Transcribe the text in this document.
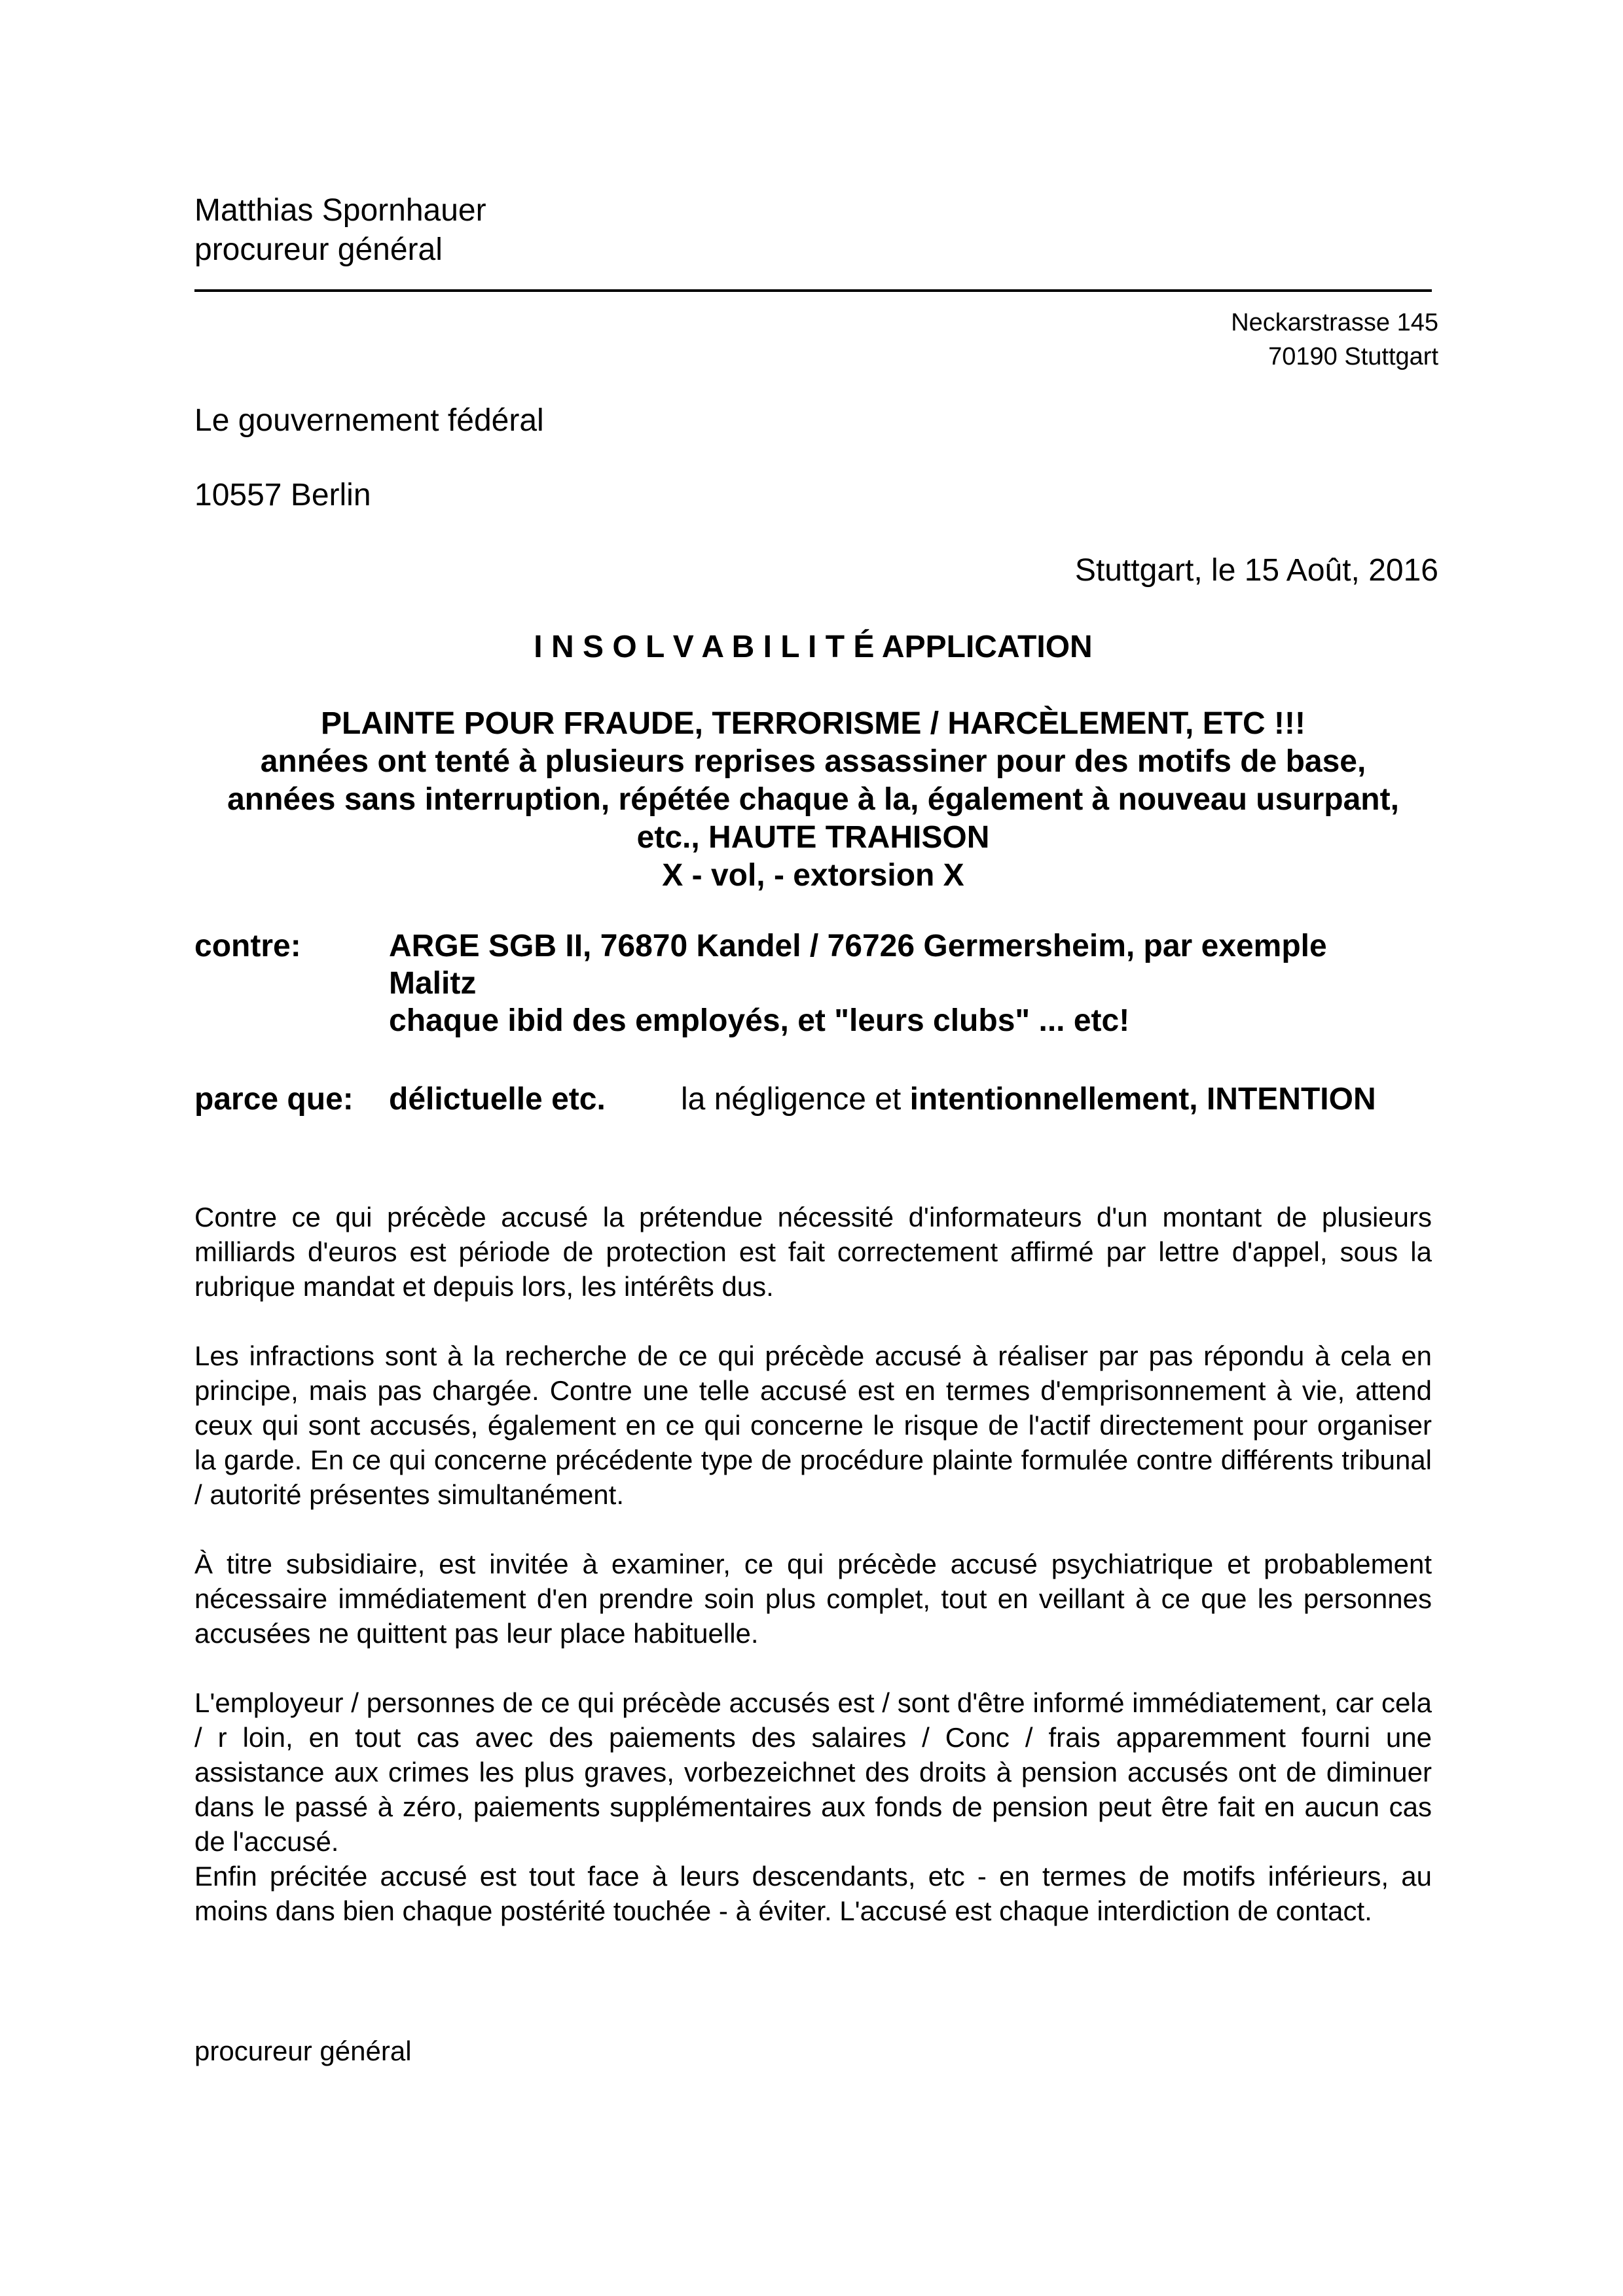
Matthias Spornhauer
procureur général
Neckarstrasse 145
70190 Stuttgart
Le gouvernement fédéral
10557 Berlin
Stuttgart, le 15 Août, 2016
I N S O L V A B I L I T É APPLICATION
PLAINTE POUR FRAUDE, TERRORISME / HARCÈLEMENT, ETC !!!
années ont tenté à plusieurs reprises assassiner pour des motifs de base,
années sans interruption, répétée chaque à la, également à nouveau usurpant,
etc., HAUTE TRAHISON
X - vol, - extorsion X
contre:	ARGE SGB II, 76870 Kandel / 76726 Germersheim, par exemple
Malitz
chaque ibid des employés, et "leurs clubs" ... etc!
parce que: délictuelle etc. la négligence et intentionnellement, INTENTION
Contre ce qui précède accusé la prétendue nécessité d'informateurs d'un montant de plusieurs milliards d'euros est période de protection est fait correctement affirmé par lettre d'appel, sous la rubrique mandat et depuis lors, les intérêts dus.
Les infractions sont à la recherche de ce qui précède accusé à réaliser par pas répondu à cela en principe, mais pas chargée. Contre une telle accusé est en termes d'emprisonnement à vie, attend ceux qui sont accusés, également en ce qui concerne le risque de l'actif directement pour organiser la garde. En ce qui concerne précédente type de procédure plainte formulée contre différents tribunal / autorité présentes simultanément.
À titre subsidiaire, est invitée à examiner, ce qui précède accusé psychiatrique et probablement nécessaire immédiatement d'en prendre soin plus complet, tout en veillant à ce que les personnes accusées ne quittent pas leur place habituelle.
L'employeur / personnes de ce qui précède accusés est / sont d'être informé immédiatement, car cela / r loin, en tout cas avec des paiements des salaires / Conc / frais apparemment fourni une assistance aux crimes les plus graves, vorbezeichnet des droits à pension accusés ont de diminuer dans le passé à zéro, paiements supplémentaires aux fonds de pension peut être fait en aucun cas de l'accusé.
Enfin précitée accusé est tout face à leurs descendants, etc - en termes de motifs inférieurs, au moins dans bien chaque postérité touchée - à éviter. L'accusé est chaque interdiction de contact.
procureur général
